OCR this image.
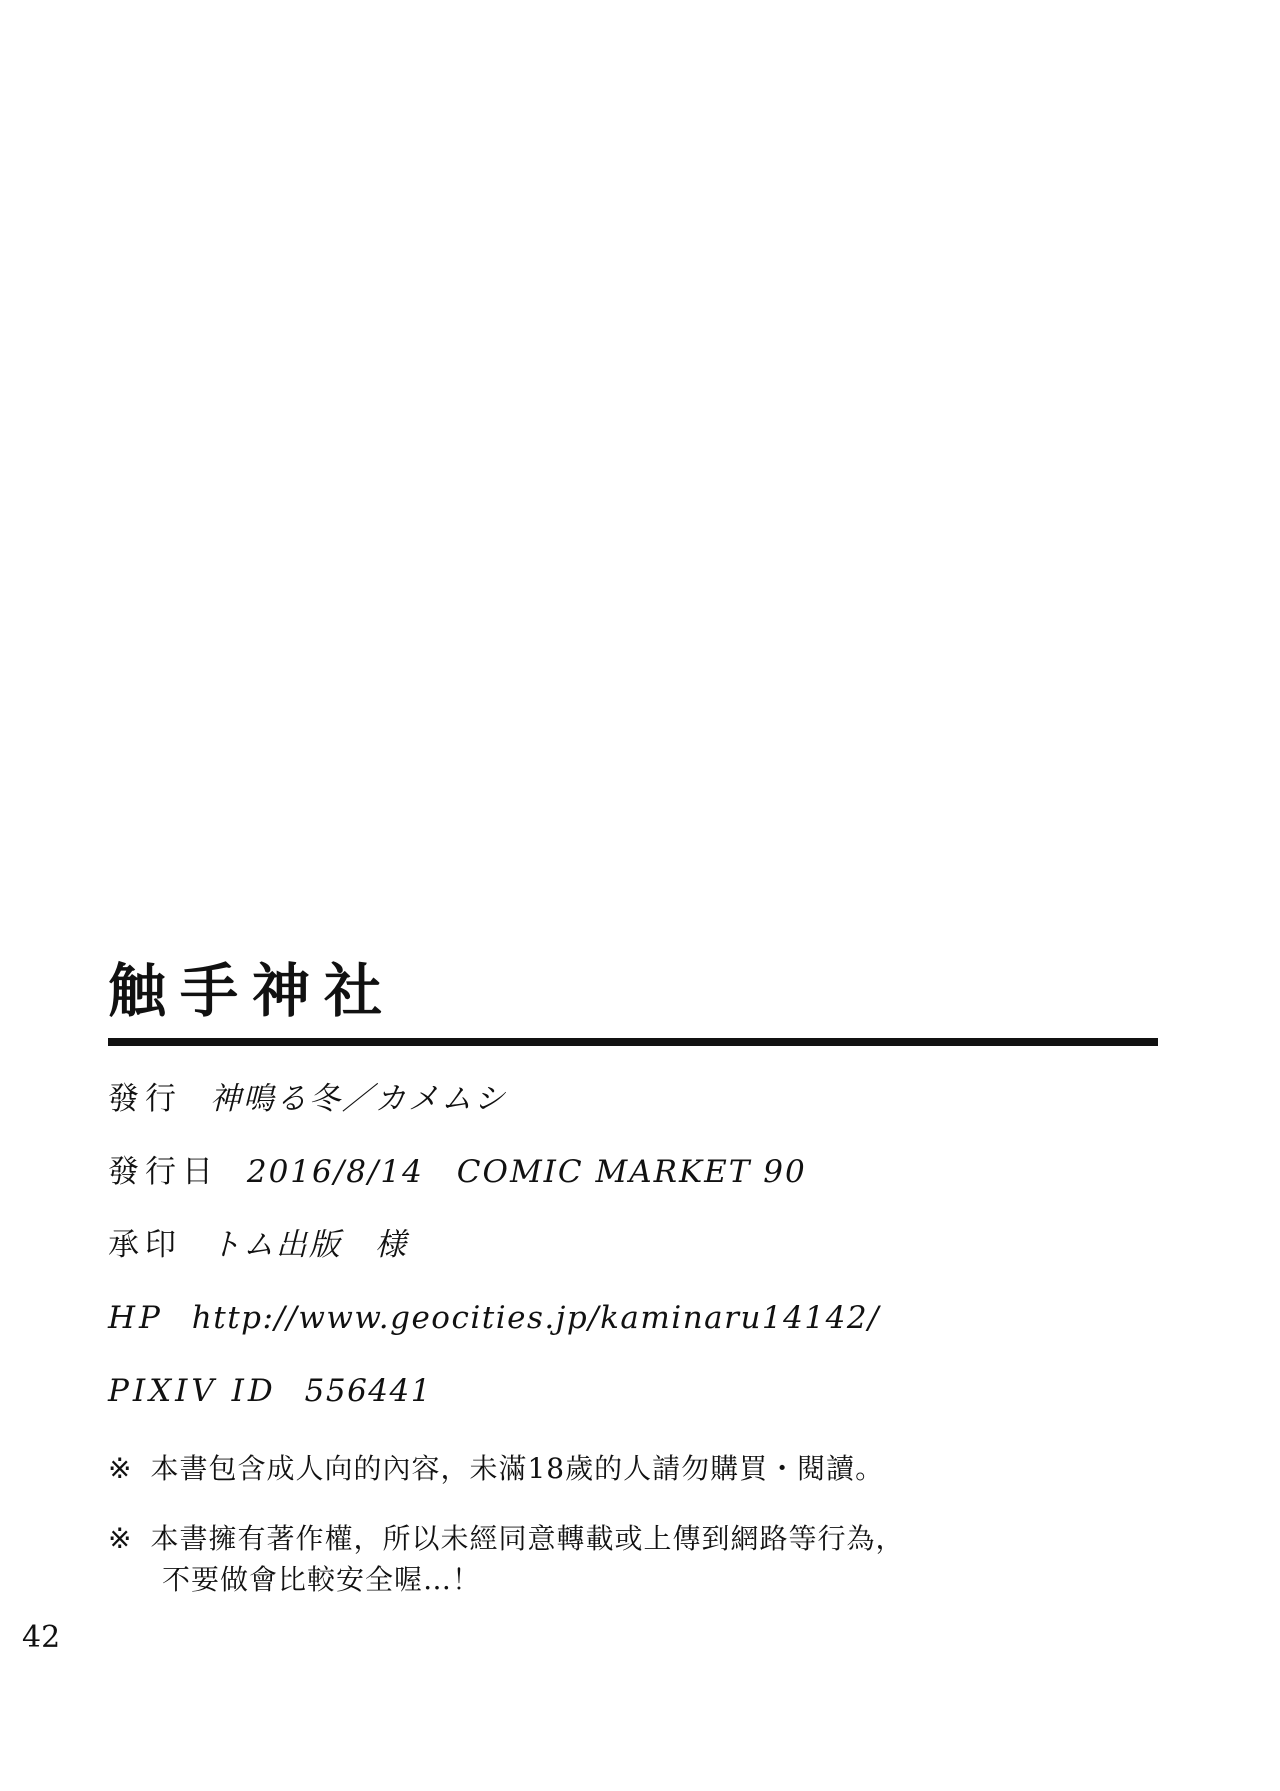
触手神社
發行 神鳴る冬／カメムシ
發行日 2016/8/14　COMIC MARKET 90
承印 トム出版　様
HP http://www.geocities.jp/kaminaru14142/
PIXIV ID 556441

※ 本書包含成人向的內容，未滿18歲的人請勿購買・閱讀。

※ 本書擁有著作權，所以未經同意轉載或上傳到網路等行為，
不要做會比較安全喔…！

42
